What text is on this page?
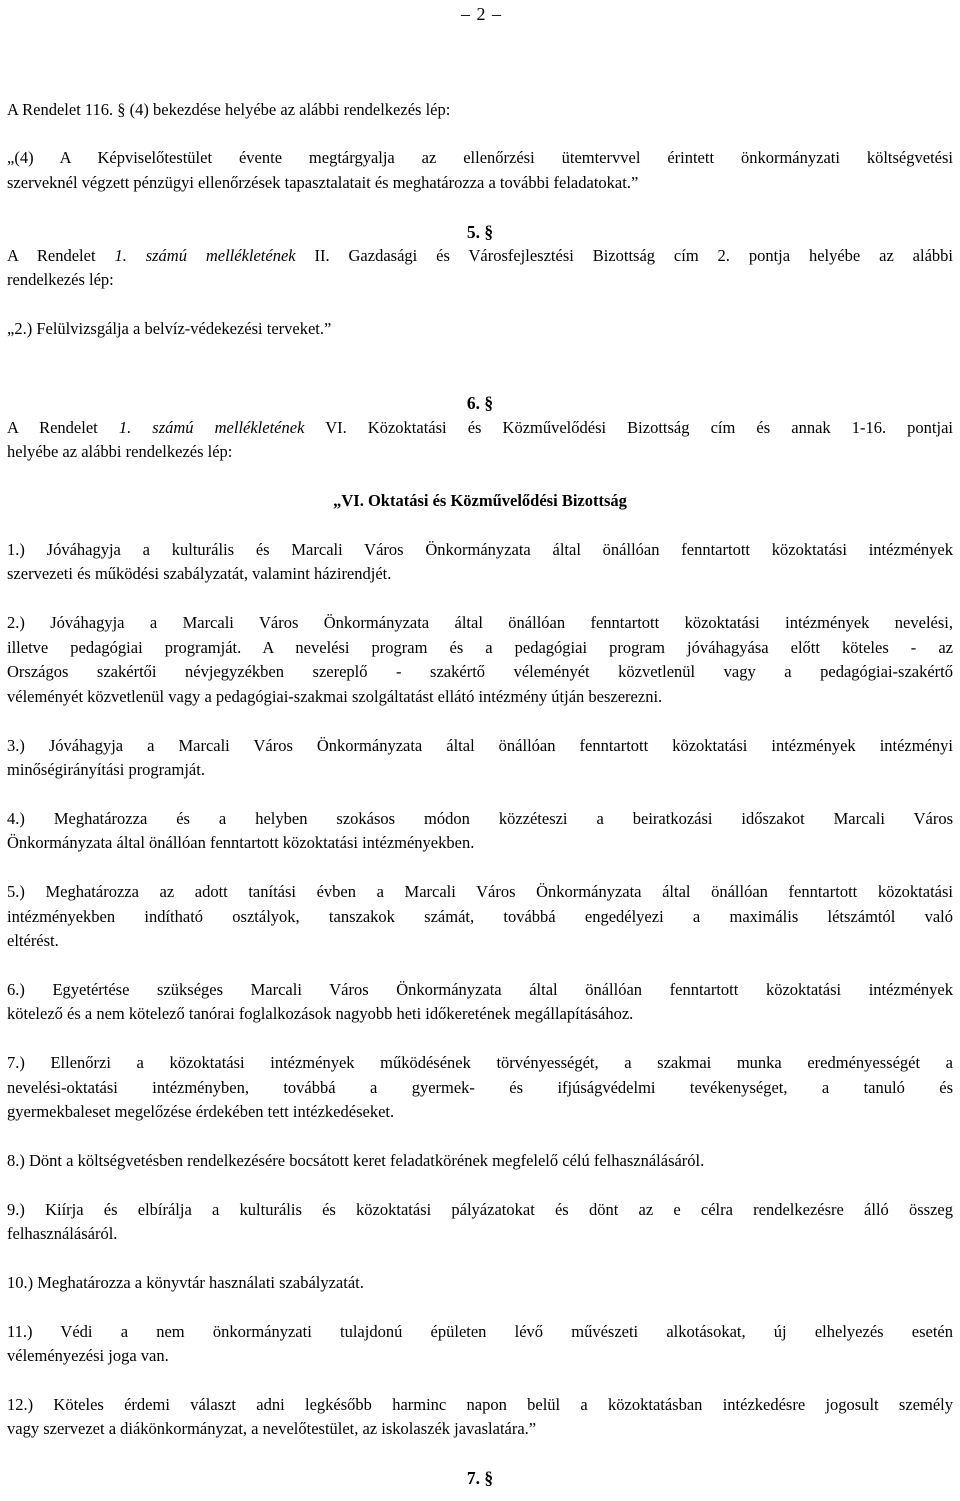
– 2 –

A Rendelet 116. § (4) bekezdése helyébe az alábbi rendelkezés lép:

„(4) A Képviselőtestület évente megtárgyalja az ellenőrzési ütemtervvel érintett önkormányzati költségvetési

szerveknél végzett pénzügyi ellenőrzések tapasztalatait és meghatározza a további feladatokat.”

5. §

A Rendelet 1. számú mellékletének II. Gazdasági és Városfejlesztési Bizottság cím 2. pontja helyébe az alábbi

rendelkezés lép:

„2.) Felülvizsgálja a belvíz-védekezési terveket.”

6. §

A Rendelet 1. számú mellékletének VI. Közoktatási és Közművelődési Bizottság cím és annak 1-16. pontjai

helyébe az alábbi rendelkezés lép:

„VI. Oktatási és Közművelődési Bizottság

1.) Jóváhagyja a kulturális és Marcali Város Önkormányzata által önállóan fenntartott közoktatási intézmények

szervezeti és működési szabályzatát, valamint házirendjét.

2.) Jóváhagyja a Marcali Város Önkormányzata által önállóan fenntartott közoktatási intézmények nevelési,

illetve pedagógiai programját. A nevelési program és a pedagógiai program jóváhagyása előtt köteles - az

Országos szakértői névjegyzékben szereplő - szakértő véleményét közvetlenül vagy a pedagógiai-szakértő

véleményét közvetlenül vagy a pedagógiai-szakmai szolgáltatást ellátó intézmény útján beszerezni.

3.) Jóváhagyja a Marcali Város Önkormányzata által önállóan fenntartott közoktatási intézmények intézményi

minőségirányítási programját.

4.) Meghatározza és a helyben szokásos módon közzéteszi a beiratkozási időszakot Marcali Város

Önkormányzata által önállóan fenntartott közoktatási intézményekben.

5.) Meghatározza az adott tanítási évben a Marcali Város Önkormányzata által önállóan fenntartott közoktatási

intézményekben indítható osztályok, tanszakok számát, továbbá engedélyezi a maximális létszámtól való

eltérést.

6.) Egyetértése szükséges Marcali Város Önkormányzata által önállóan fenntartott közoktatási intézmények

kötelező és a nem kötelező tanórai foglalkozások nagyobb heti időkeretének megállapításához.

7.) Ellenőrzi a közoktatási intézmények működésének törvényességét, a szakmai munka eredményességét a

nevelési-oktatási intézményben, továbbá a gyermek- és ifjúságvédelmi tevékenységet, a tanuló és

gyermekbaleset megelőzése érdekében tett intézkedéseket.

8.) Dönt a költségvetésben rendelkezésére bocsátott keret feladatkörének megfelelő célú felhasználásáról.

9.) Kiírja és elbírálja a kulturális és közoktatási pályázatokat és dönt az e célra rendelkezésre álló összeg

felhasználásáról.

10.) Meghatározza a könyvtár használati szabályzatát.

11.) Védi a nem önkormányzati tulajdonú épületen lévő művészeti alkotásokat, új elhelyezés esetén

véleményezési joga van.

12.) Köteles érdemi választ adni legkésőbb harminc napon belül a közoktatásban intézkedésre jogosult személy

vagy szervezet a diákönkormányzat, a nevelőtestület, az iskolaszék javaslatára.”

7. §
